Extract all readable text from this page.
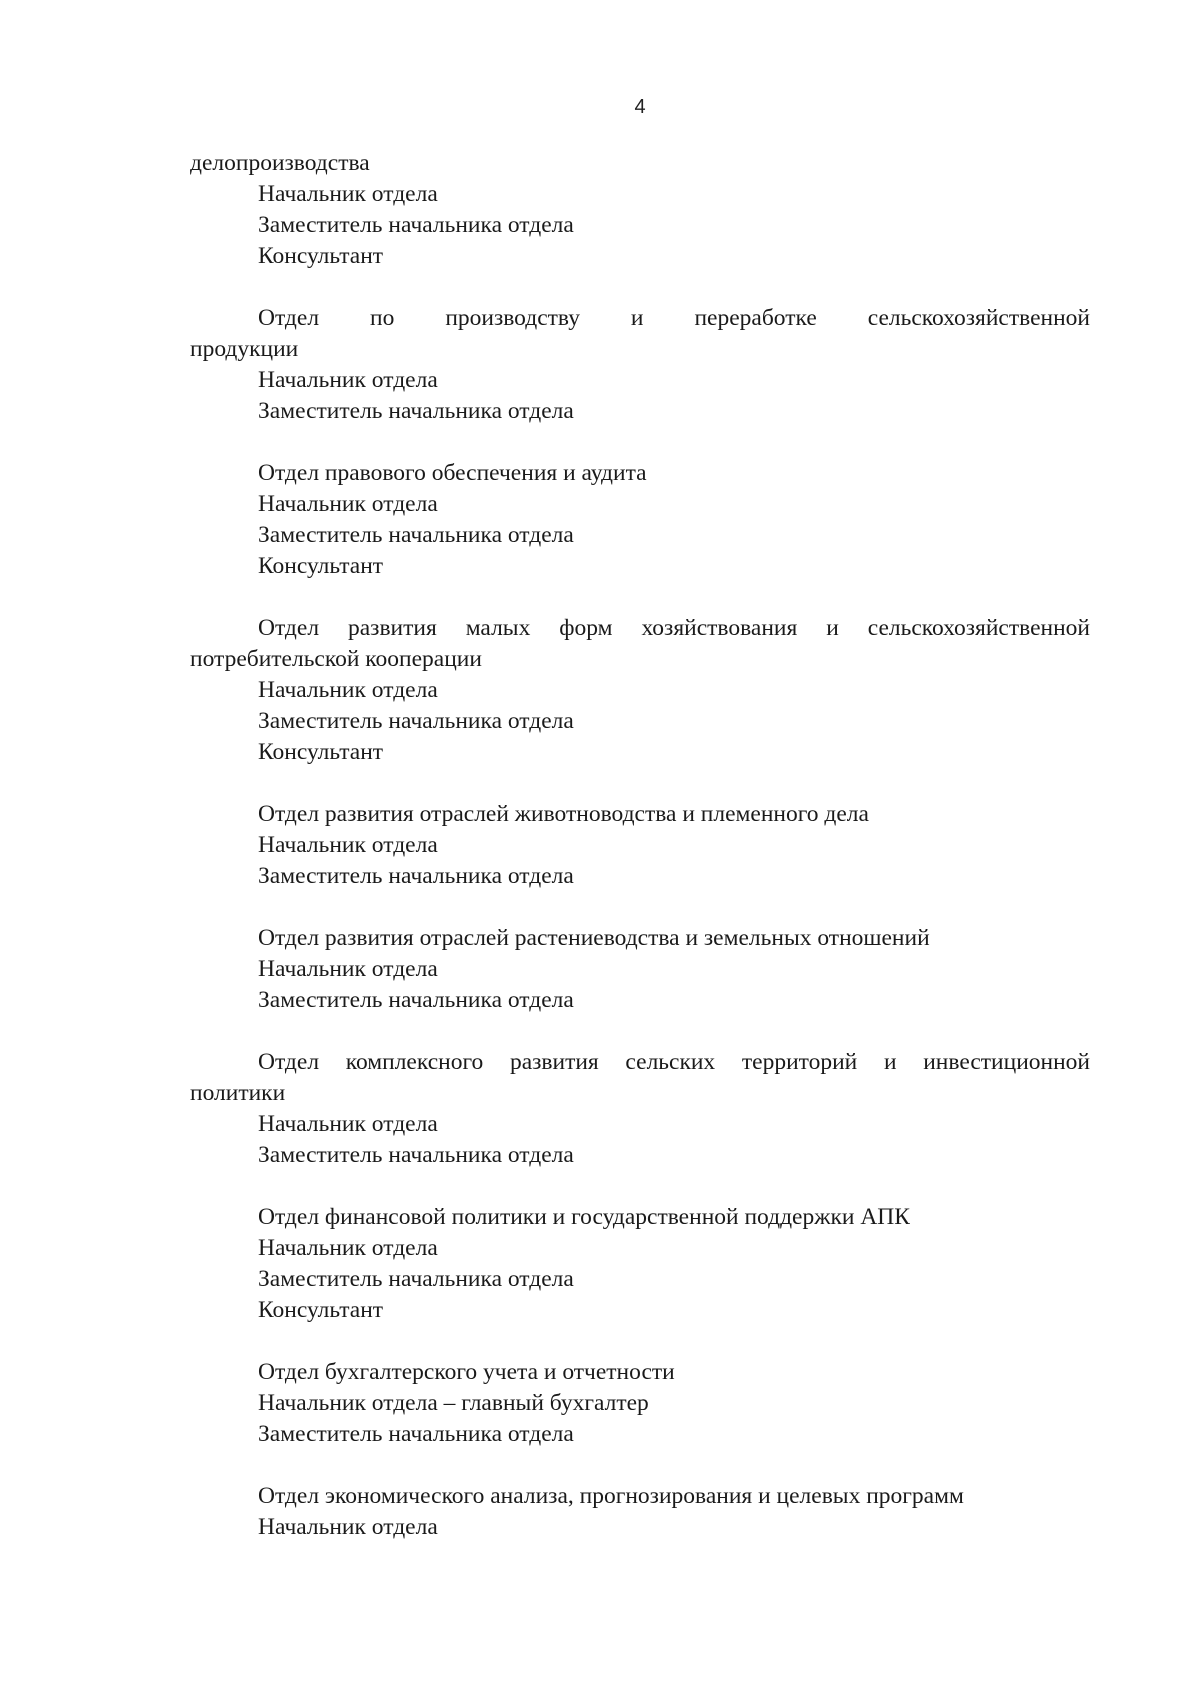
4
делопроизводства
Начальник отдела
Заместитель начальника отдела
Консультант
Отдел по производству и переработке сельскохозяйственной
продукции
Начальник отдела
Заместитель начальника отдела
Отдел правового обеспечения и аудита
Начальник отдела
Заместитель начальника отдела
Консультант
Отдел развития малых форм хозяйствования и сельскохозяйственной
потребительской кооперации
Начальник отдела
Заместитель начальника отдела
Консультант
Отдел развития отраслей животноводства и племенного дела
Начальник отдела
Заместитель начальника отдела
Отдел развития отраслей растениеводства и земельных отношений
Начальник отдела
Заместитель начальника отдела
Отдел комплексного развития сельских территорий и инвестиционной
политики
Начальник отдела
Заместитель начальника отдела
Отдел финансовой политики и государственной поддержки АПК
Начальник отдела
Заместитель начальника отдела
Консультант
Отдел бухгалтерского учета и отчетности
Начальник отдела – главный бухгалтер
Заместитель начальника отдела
Отдел экономического анализа, прогнозирования и целевых программ
Начальник отдела
